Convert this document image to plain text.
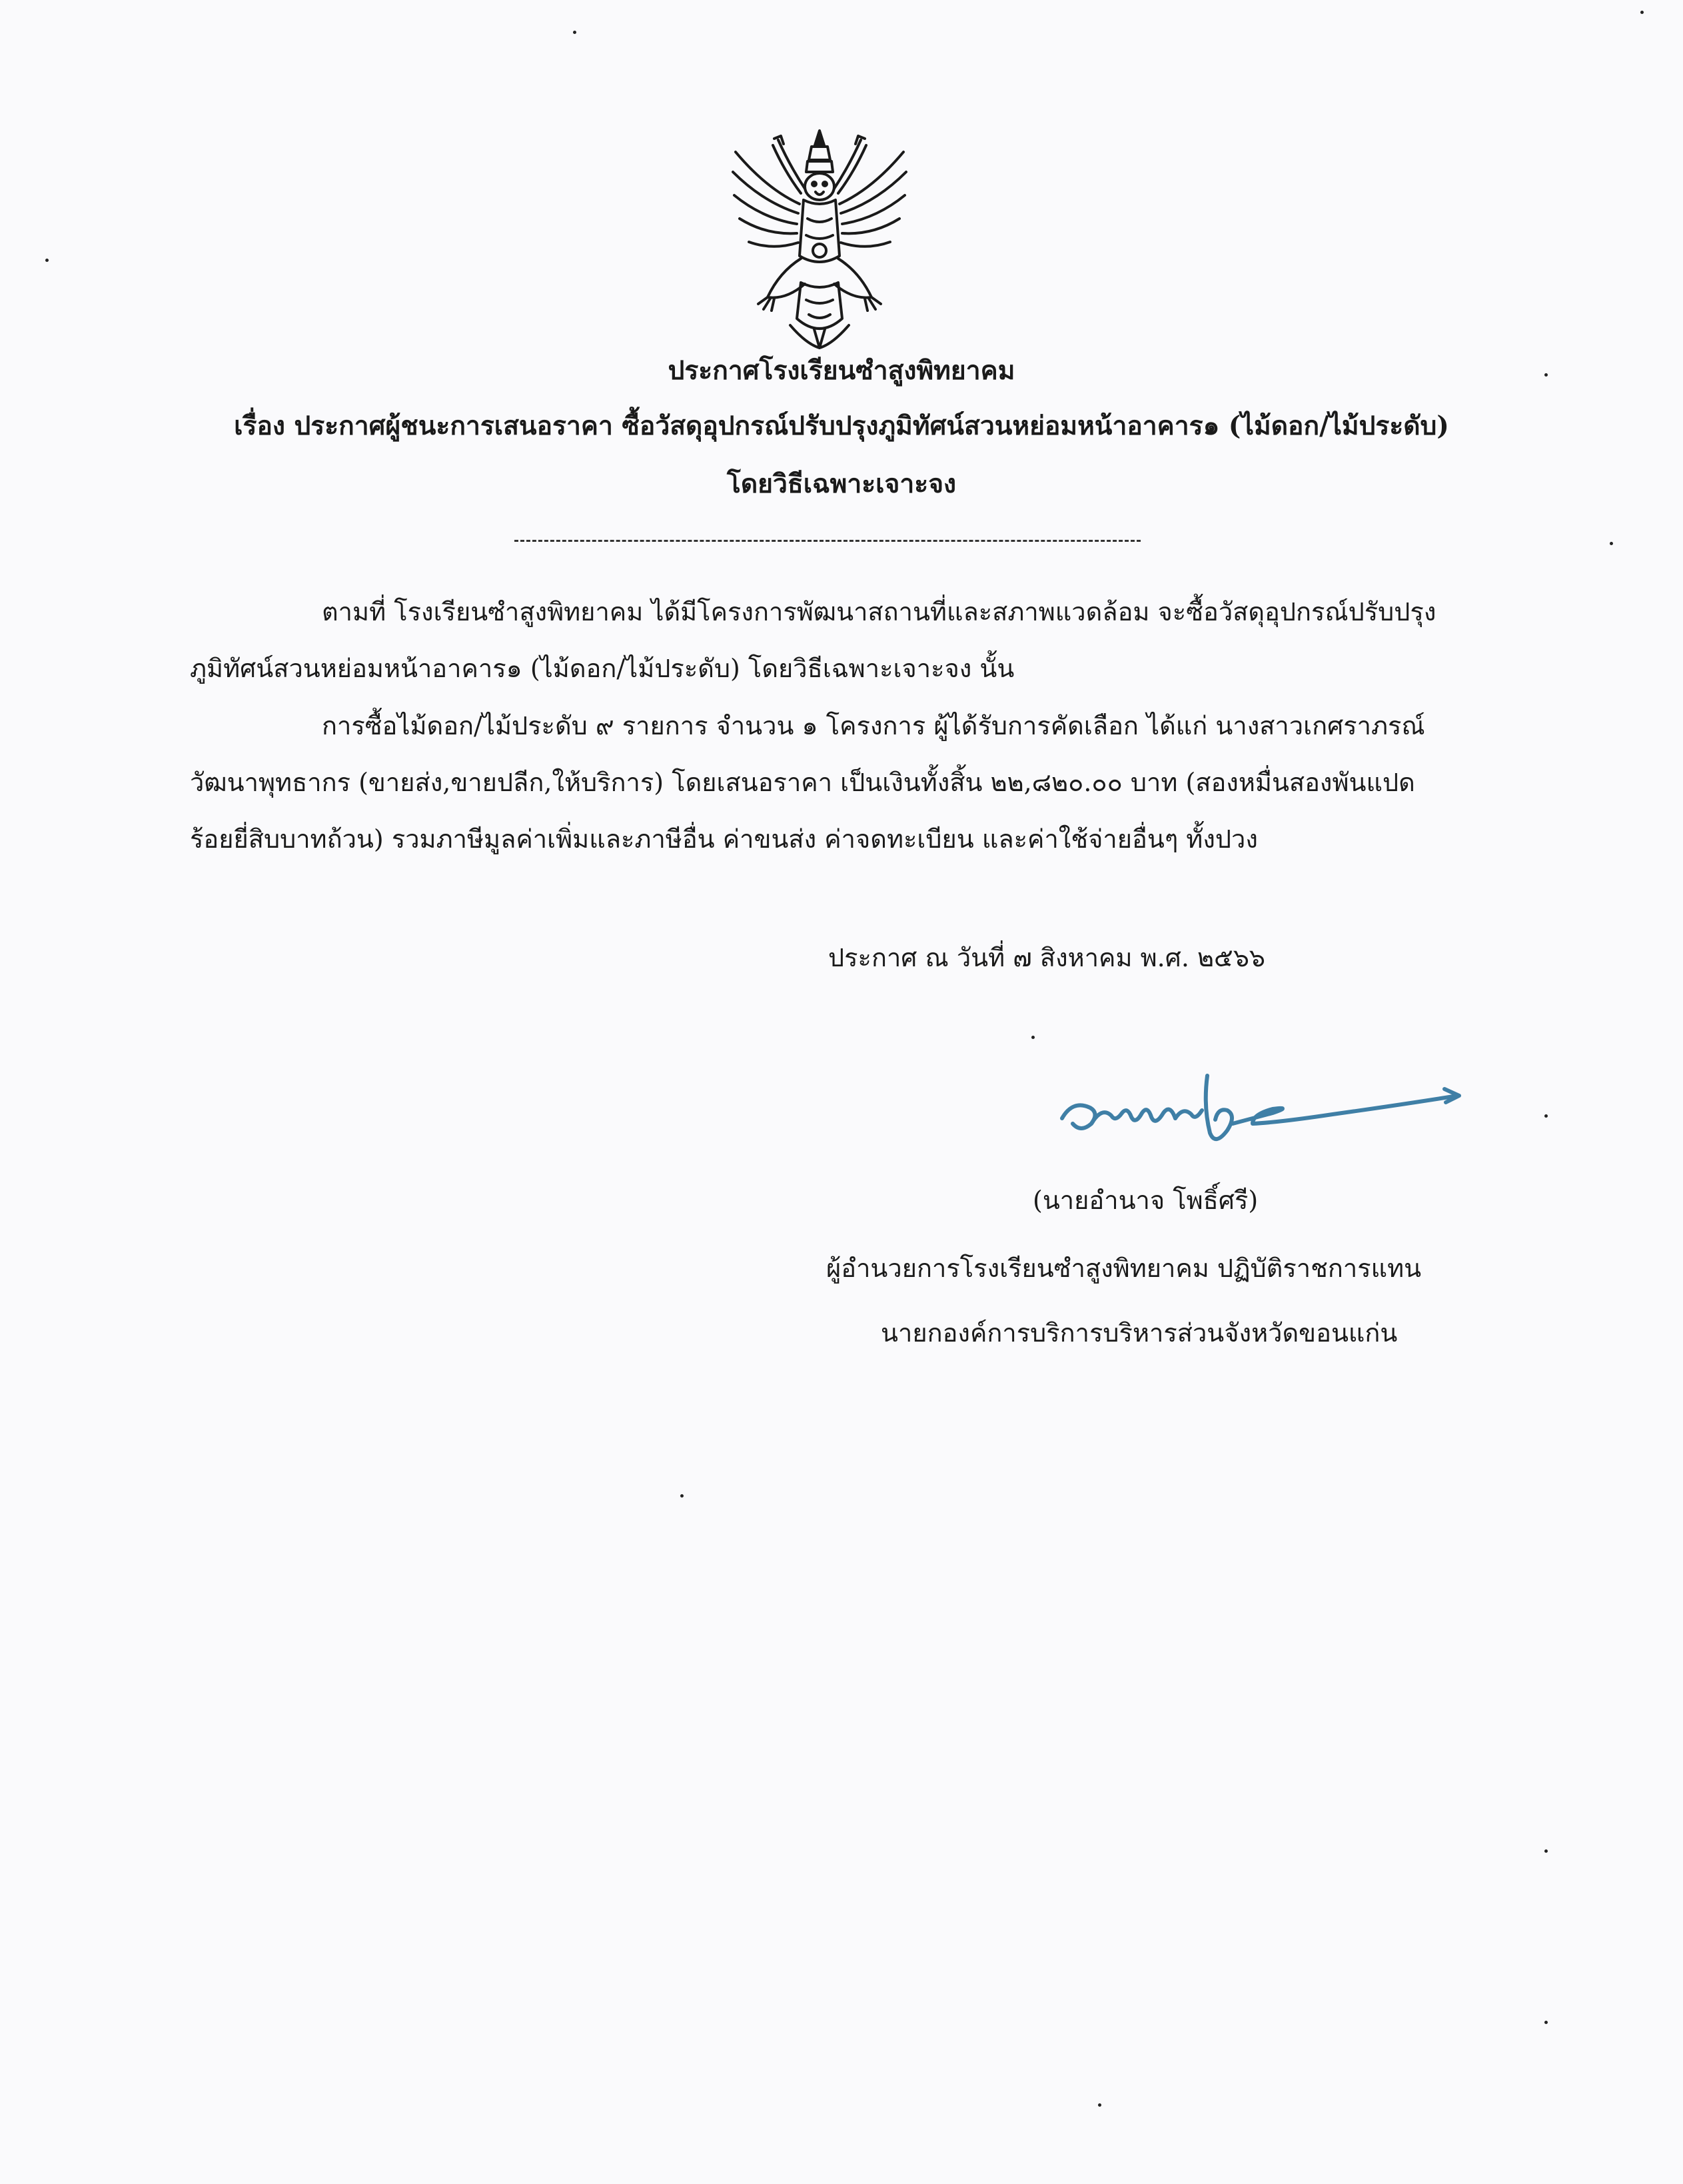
ประกาศโรงเรียนซำสูงพิทยาคม
เรื่อง ประกาศผู้ชนะการเสนอราคา ซื้อวัสดุอุปกรณ์ปรับปรุงภูมิทัศน์สวนหย่อมหน้าอาคาร๑ (ไม้ดอก/ไม้ประดับ)
โดยวิธีเฉพาะเจาะจง
ตามที่ โรงเรียนซำสูงพิทยาคม ได้มีโครงการพัฒนาสถานที่และสภาพแวดล้อม จะซื้อวัสดุอุปกรณ์ปรับปรุง
ภูมิทัศน์สวนหย่อมหน้าอาคาร๑ (ไม้ดอก/ไม้ประดับ) โดยวิธีเฉพาะเจาะจง นั้น
การซื้อไม้ดอก/ไม้ประดับ ๙ รายการ จำนวน ๑ โครงการ ผู้ได้รับการคัดเลือก ได้แก่ นางสาวเกศราภรณ์
วัฒนาพุทธากร (ขายส่ง,ขายปลีก,ให้บริการ) โดยเสนอราคา เป็นเงินทั้งสิ้น ๒๒,๘๒๐.๐๐ บาท (สองหมื่นสองพันแปด
ร้อยยี่สิบบาทถ้วน) รวมภาษีมูลค่าเพิ่มและภาษีอื่น ค่าขนส่ง ค่าจดทะเบียน และค่าใช้จ่ายอื่นๆ ทั้งปวง
ประกาศ ณ วันที่ ๗ สิงหาคม พ.ศ. ๒๕๖๖
(นายอำนาจ โพธิ์ศรี)
ผู้อำนวยการโรงเรียนซำสูงพิทยาคม ปฏิบัติราชการแทน
นายกองค์การบริการบริหารส่วนจังหวัดขอนแก่น
